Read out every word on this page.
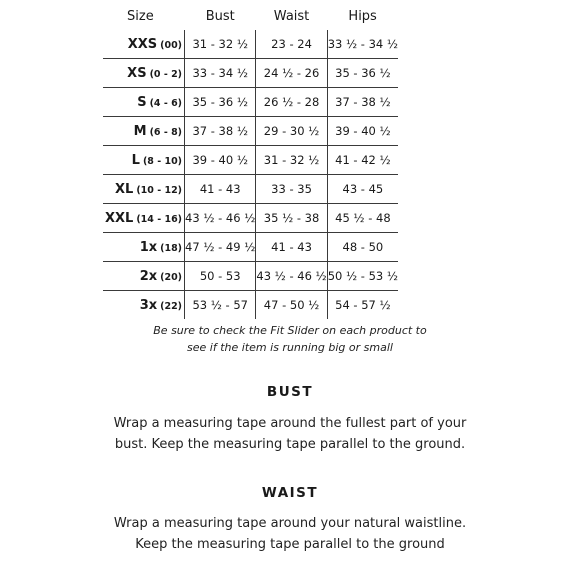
Size	Bust	Waist	Hips

XXS (00)	31 - 32 ½	23 - 24	33 ½ - 34 ½

XS (0 - 2)	33 - 34 ½	24 ½ - 26	35 - 36 ½

S (4 - 6)	35 - 36 ½	26 ½ - 28	37 - 38 ½

M (6 - 8)	37 - 38 ½	29 - 30 ½	39 - 40 ½

L (8 - 10)	39 - 40 ½	31 - 32 ½	41 - 42 ½

XL (10 - 12)	41 - 43	33 - 35	43 - 45

XXL (14 - 16)	43 ½ - 46 ½	35 ½ - 38	45 ½ - 48

1x (18)	47 ½ - 49 ½	41 - 43	48 - 50

2x (20)	50 - 53	43 ½ - 46 ½	50 ½ - 53 ½

3x (22)	53 ½ - 57	47 - 50 ½	54 - 57 ½
Be sure to check the Fit Slider on each product to
see if the item is running big or small
BUST
Wrap a measuring tape around the fullest part of your
bust. Keep the measuring tape parallel to the ground.
WAIST
Wrap a measuring tape around your natural waistline.
Keep the measuring tape parallel to the ground
